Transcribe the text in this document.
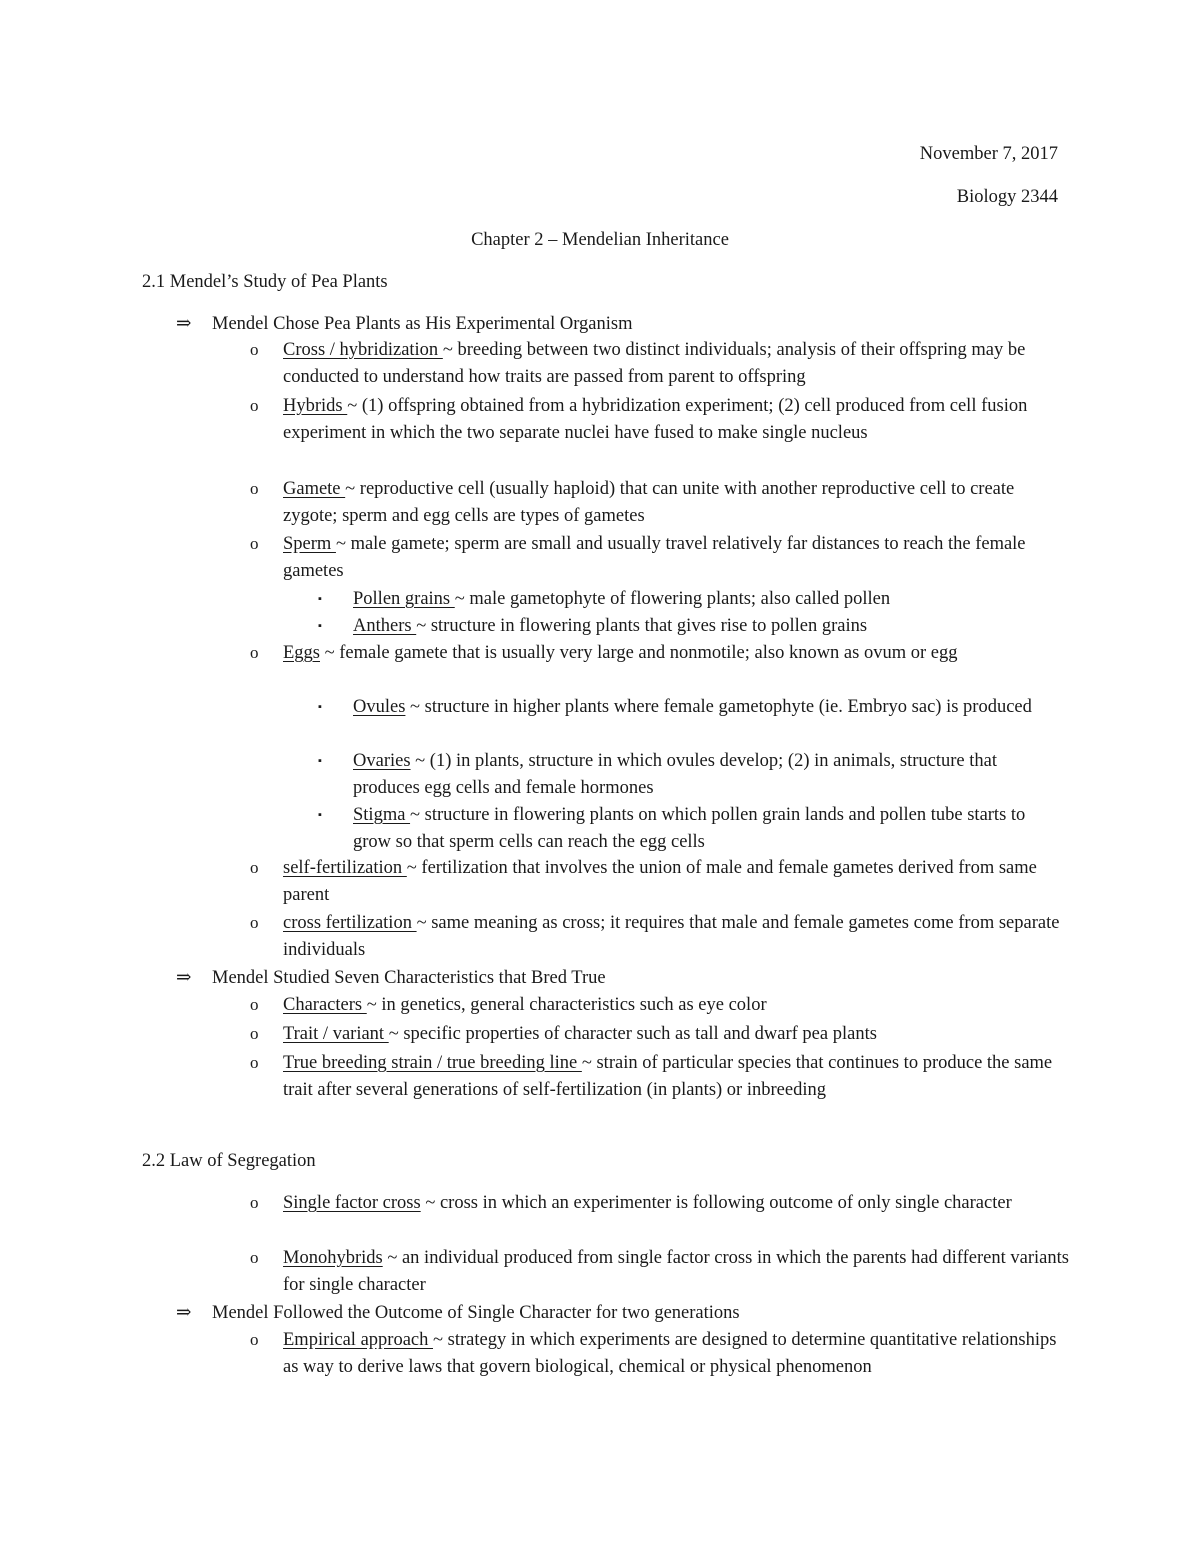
November 7, 2017
Biology 2344
Chapter 2 – Mendelian Inheritance
2.1 Mendel’s Study of Pea Plants
⇒	Mendel Chose Pea Plants as His Experimental Organism
o Cross / hybridization ~ breeding between two distinct individuals; analysis of their offspring may be conducted to understand how traits are passed from parent to offspring
o Hybrids ~ (1) offspring obtained from a hybridization experiment; (2) cell produced from cell fusion experiment in which the two separate nuclei have fused to make single nucleus
o Gamete ~ reproductive cell (usually haploid) that can unite with another reproductive cell to create zygote; sperm and egg cells are types of gametes
o Sperm ~ male gamete; sperm are small and usually travel relatively far distances to reach the female gametes
▪ Pollen grains ~ male gametophyte of flowering plants; also called pollen
▪ Anthers ~ structure in flowering plants that gives rise to pollen grains
o Eggs ~ female gamete that is usually very large and nonmotile; also known as ovum or egg
▪ Ovules ~ structure in higher plants where female gametophyte (ie. Embryo sac) is produced
▪ Ovaries ~ (1) in plants, structure in which ovules develop; (2) in animals, structure that produces egg cells and female hormones
▪ Stigma ~ structure in flowering plants on which pollen grain lands and pollen tube starts to grow so that sperm cells can reach the egg cells
o self-fertilization ~ fertilization that involves the union of male and female gametes derived from same parent
o cross fertilization ~ same meaning as cross; it requires that male and female gametes come from separate individuals
⇒	Mendel Studied Seven Characteristics that Bred True
o Characters ~ in genetics, general characteristics such as eye color
o Trait / variant ~ specific properties of character such as tall and dwarf pea plants
o True breeding strain / true breeding line ~ strain of particular species that continues to produce the same trait after several generations of self-fertilization (in plants) or inbreeding
2.2 Law of Segregation
o Single factor cross ~ cross in which an experimenter is following outcome of only single character
o Monohybrids ~ an individual produced from single factor cross in which the parents had different variants for single character
⇒	Mendel Followed the Outcome of Single Character for two generations
o Empirical approach ~ strategy in which experiments are designed to determine quantitative relationships as way to derive laws that govern biological, chemical or physical phenomenon
